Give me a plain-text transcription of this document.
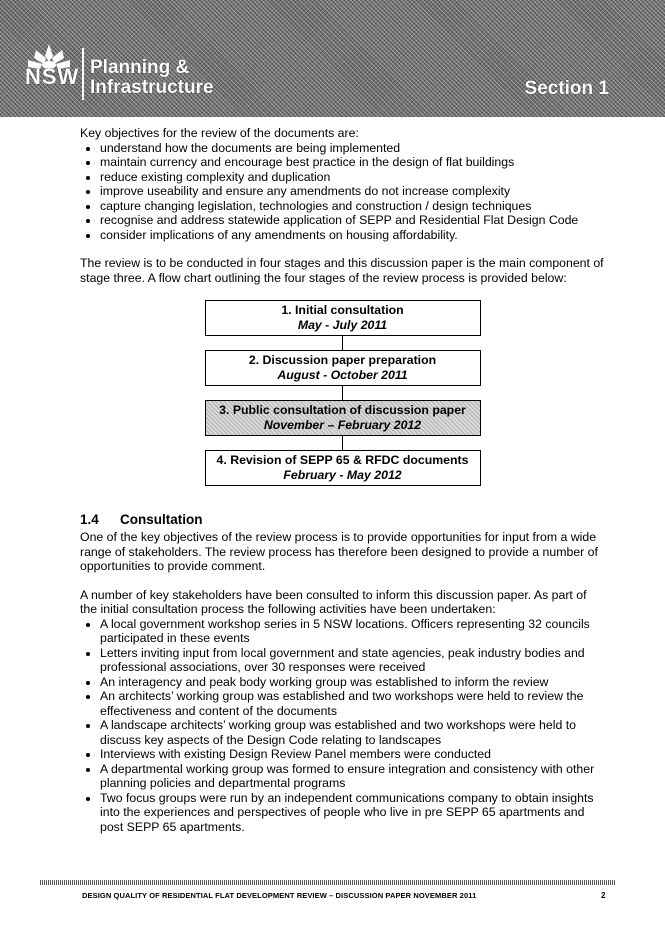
NSW Planning &
Infrastructure	Section 1

Key objectives for the review of the documents are:

• understand how the documents are being implemented
• maintain currency and encourage best practice in the design of flat buildings
• reduce existing complexity and duplication
• improve useability and ensure any amendments do not increase complexity
• capture changing legislation, technologies and construction / design techniques
• recognise and address statewide application of SEPP and Residential Flat Design Code
• consider implications of any amendments on housing affordability.

The review is to be conducted in four stages and this discussion paper is the main component of stage three. A flow chart outlining the four stages of the review process is provided below:

1. Initial consultation
May - July 2011
2. Discussion paper preparation
August - October 2011
3. Public consultation of discussion paper
November – February 2012
4. Revision of SEPP 65 & RFDC documents
February - May 2012
1.4 Consultation

One of the key objectives of the review process is to provide opportunities for input from a wide range of stakeholders. The review process has therefore been designed to provide a number of opportunities to provide comment.

A number of key stakeholders have been consulted to inform this discussion paper. As part of the initial consultation process the following activities have been undertaken:

• A local government workshop series in 5 NSW locations. Officers representing 32 councils participated in these events
• Letters inviting input from local government and state agencies, peak industry bodies and professional associations, over 30 responses were received
• An interagency and peak body working group was established to inform the review
• An architects’ working group was established and two workshops were held to review the effectiveness and content of the documents
• A landscape architects’ working group was established and two workshops were held to discuss key aspects of the Design Code relating to landscapes
• Interviews with existing Design Review Panel members were conducted
• A departmental working group was formed to ensure integration and consistency with other planning policies and departmental programs
• Two focus groups were run by an independent communications company to obtain insights into the experiences and perspectives of people who live in pre SEPP 65 apartments and post SEPP 65 apartments.
DESIGN QUALITY OF RESIDENTIAL FLAT DEVELOPMENT REVIEW – DISCUSSION PAPER NOVEMBER 2011	2
